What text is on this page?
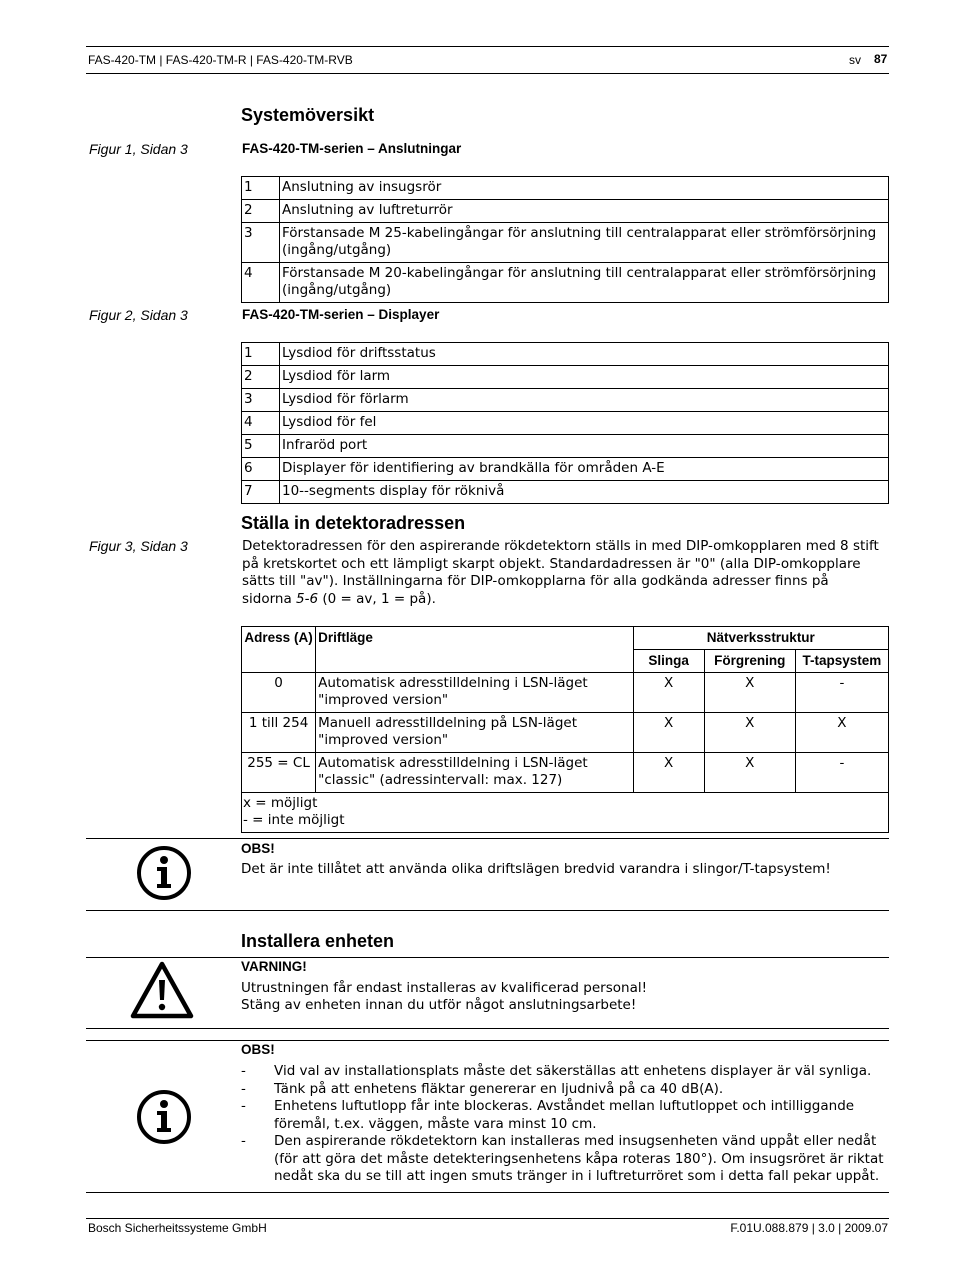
FAS-420-TM | FAS-420-TM-R | FAS-420-TM-RVB	sv 87
Systemöversikt
Figur 1, Sidan 3	FAS-420-TM-serien – Anslutningar
1	Anslutning av insugsrör
2	Anslutning av luftreturrör
3	Förstansade M 25-kabelingångar för anslutning till centralapparat eller strömförsörjning (ingång/utgång)
4	Förstansade M 20-kabelingångar för anslutning till centralapparat eller strömförsörjning (ingång/utgång)
Figur 2, Sidan 3	FAS-420-TM-serien – Displayer
1	Lysdiod för driftsstatus
2	Lysdiod för larm
3	Lysdiod för förlarm
4	Lysdiod för fel
5	Infraröd port
6	Displayer för identifiering av brandkälla för områden A-E
7	10--segments display för röknivå
Ställa in detektoradressen
Figur 3, Sidan 3	Detektoradressen för den aspirerande rökdetektorn ställs in med DIP-omkopplaren med 8 stift på kretskortet och ett lämpligt skarpt objekt. Standardadressen är "0" (alla DIP-omkopplare sätts till "av"). Inställningarna för DIP-omkopplarna för alla godkända adresser finns på sidorna 5-6 (0 = av, 1 = på).
Adress (A)	Driftläge	Nätverksstruktur		
		Slinga	Förgrening	T-tapsystem
0	Automatisk adresstilldelning i LSN-läget "improved version"	X	X	-
1 till 254	Manuell adresstilldelning på LSN-läget "improved version"	X	X	X
255 = CL	Automatisk adresstilldelning i LSN-läget "classic" (adressintervall: max. 127)	X	X	-

x = möjligt
- = inte möjligt				
OBS!
Det är inte tillåtet att använda olika driftslägen bredvid varandra i slingor/T-tapsystem!
Installera enheten
VARNING!
Utrustningen får endast installeras av kvalificerad personal!
Stäng av enheten innan du utför något anslutningsarbete!
OBS!
- Vid val av installationsplats måste det säkerställas att enhetens displayer är väl synliga.
- Tänk på att enhetens fläktar genererar en ljudnivå på ca 40 dB(A).
- Enhetens luftutlopp får inte blockeras. Avståndet mellan luftutloppet och intilliggande föremål, t.ex. väggen, måste vara minst 10 cm.
- Den aspirerande rökdetektorn kan installeras med insugsenheten vänd uppåt eller nedåt (för att göra det måste detekteringsenhetens kåpa roteras 180°). Om insugsröret är riktat nedåt ska du se till att ingen smuts tränger in i luftreturröret som i detta fall pekar uppåt.
Bosch Sicherheitssysteme GmbH	F.01U.088.879 | 3.0 | 2009.07
